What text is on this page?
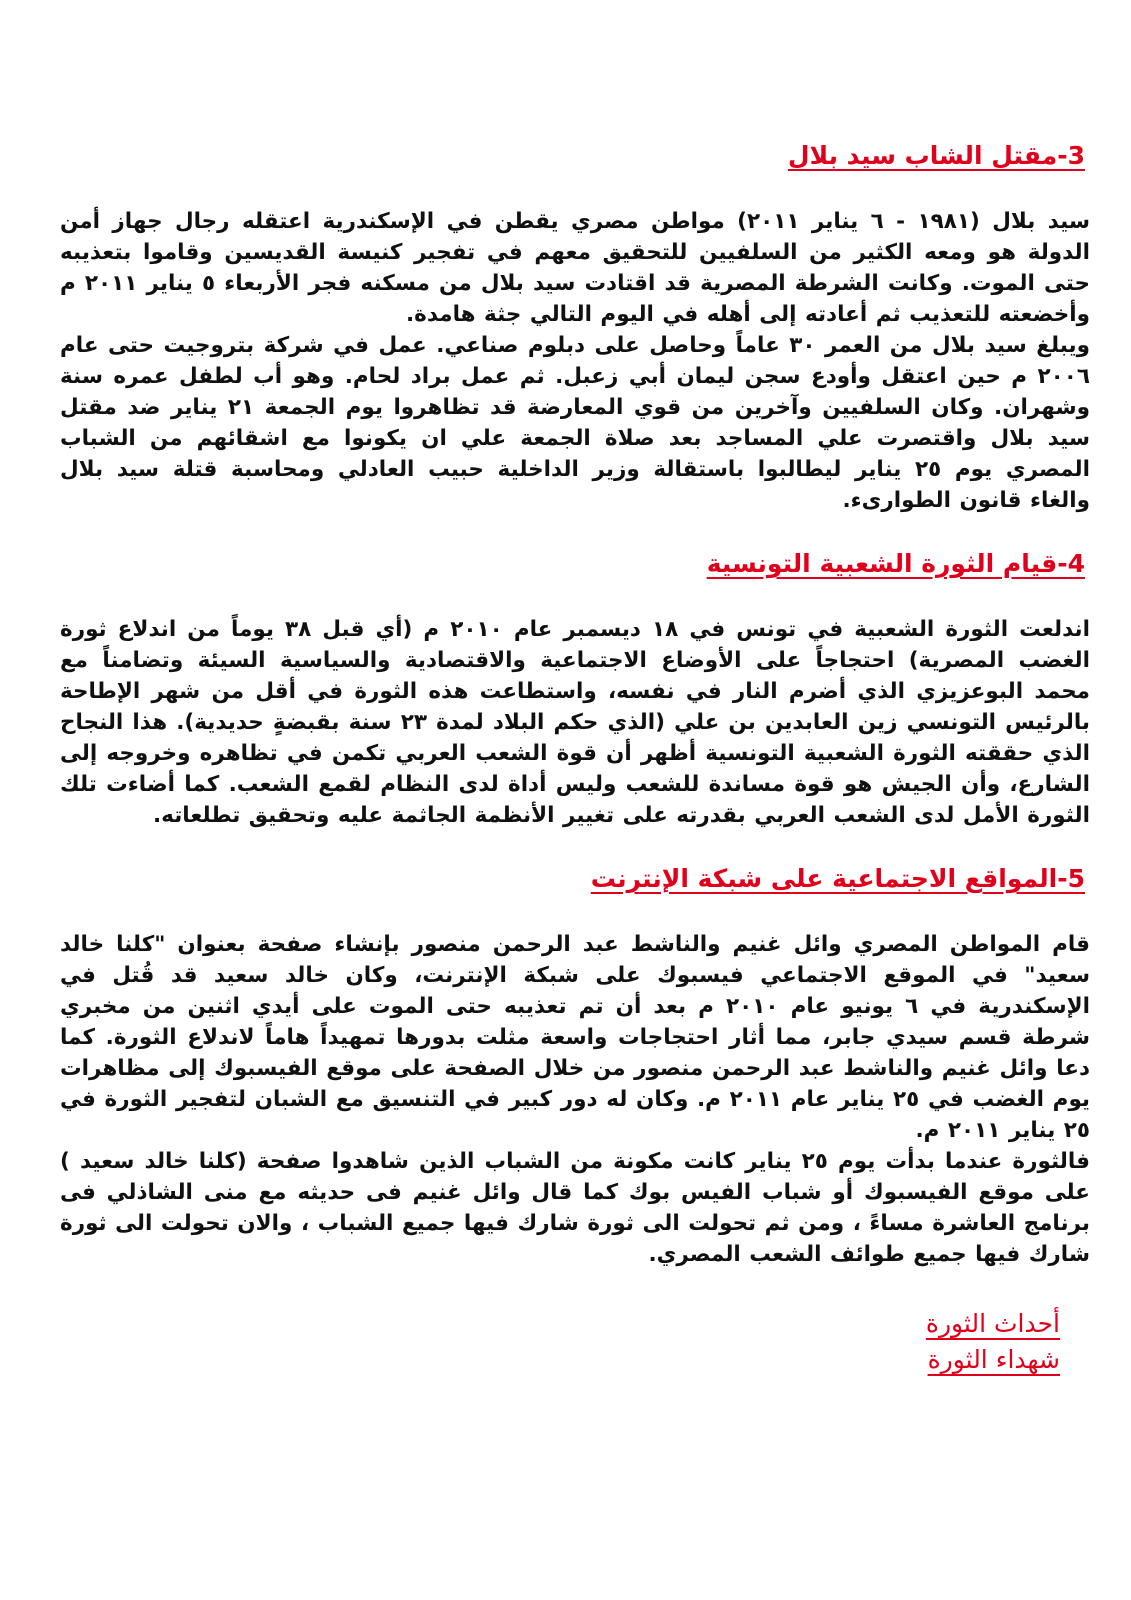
3-مقتل الشاب سيد بلال

سيد بلال (١٩٨١ - ٦ يناير ٢٠١١) مواطن مصري يقطن في الإسكندرية اعتقله رجال جهاز أمن الدولة هو ومعه الكثير من السلفيين للتحقيق معهم في تفجير كنيسة القديسين وقاموا بتعذيبه حتى الموت. وكانت الشرطة المصرية قد اقتادت سيد بلال من مسكنه فجر الأربعاء ٥ يناير ٢٠١١ م وأخضعته للتعذيب ثم أعادته إلى أهله في اليوم التالي جثة هامدة.

ويبلغ سيد بلال من العمر ٣٠ عاماً وحاصل على دبلوم صناعي. عمل في شركة بتروجيت حتى عام ٢٠٠٦ م حين اعتقل وأودع سجن ليمان أبي زعبل. ثم عمل براد لحام. وهو أب لطفل عمره سنة وشهران. وكان السلفيين وآخرين من قوي المعارضة قد تظاهروا يوم الجمعة ٢١ يناير ضد مقتل سيد بلال واقتصرت علي المساجد بعد صلاة الجمعة علي ان يكونوا مع اشقائهم من الشباب المصري يوم ٢٥ يناير ليطالبوا باستقالة وزير الداخلية حبيب العادلي ومحاسبة قتلة سيد بلال والغاء قانون الطوارىء.

4-قيام الثورة الشعبية التونسية

اندلعت الثورة الشعبية في تونس في ١٨ ديسمبر عام ٢٠١٠ م (أي قبل ٣٨ يوماً من اندلاع ثورة الغضب المصرية) احتجاجاً على الأوضاع الاجتماعية والاقتصادية والسياسية السيئة وتضامناً مع محمد البوعزيزي الذي أضرم النار في نفسه، واستطاعت هذه الثورة في أقل من شهر الإطاحة بالرئيس التونسي زين العابدين بن علي (الذي حكم البلاد لمدة ٢٣ سنة بقبضةٍ حديدية). هذا النجاح الذي حققته الثورة الشعبية التونسية أظهر أن قوة الشعب العربي تكمن في تظاهره وخروجه إلى الشارع، وأن الجيش هو قوة مساندة للشعب وليس أداة لدى النظام لقمع الشعب. كما أضاءت تلك الثورة الأمل لدى الشعب العربي بقدرته على تغيير الأنظمة الجاثمة عليه وتحقيق تطلعاته.

5-المواقع الاجتماعية على شبكة الإنترنت

قام المواطن المصري وائل غنيم والناشط عبد الرحمن منصور بإنشاء صفحة بعنوان "كلنا خالد سعيد" في الموقع الاجتماعي فيسبوك على شبكة الإنترنت، وكان خالد سعيد قد قُتل في الإسكندرية في ٦ يونيو عام ٢٠١٠ م بعد أن تم تعذيبه حتى الموت على أيدي اثنين من مخبري شرطة قسم سيدي جابر، مما أثار احتجاجات واسعة مثلت بدورها تمهيداً هاماً لاندلاع الثورة. كما دعا وائل غنيم والناشط عبد الرحمن منصور من خلال الصفحة على موقع الفيسبوك إلى مظاهرات يوم الغضب في ٢٥ يناير عام ٢٠١١ م. وكان له دور كبير في التنسيق مع الشبان لتفجير الثورة في ٢٥ يناير ٢٠١١ م.

فالثورة عندما بدأت يوم ٢٥ يناير كانت مكونة من الشباب الذين شاهدوا صفحة (كلنا خالد سعيد ) على موقع الفيسبوك أو شباب الفيس بوك كما قال وائل غنيم فى حديثه مع منى الشاذلي فى برنامج العاشرة مساءً ، ومن ثم تحولت الى ثورة شارك فيها جميع الشباب ، والان تحولت الى ثورة شارك فيها جميع طوائف الشعب المصري.

أحداث الثورة
شهداء الثورة
